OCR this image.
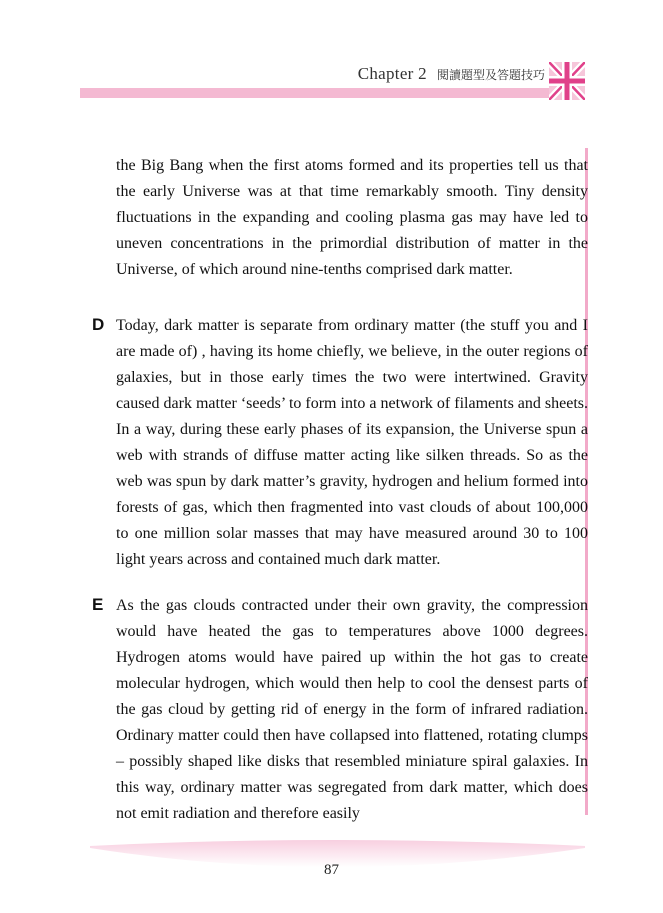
Chapter 2 閱讀題型及答題技巧

the Big Bang when the first atoms formed and its properties tell us that the early Universe was at that time remarkably smooth. Tiny density fluctuations in the expanding and cooling plasma gas may have led to uneven concentrations in the primordial distribution of matter in the Universe, of which around nine-tenths comprised dark matter.

D Today, dark matter is separate from ordinary matter (the stuff you and I are made of) , having its home chiefly, we believe, in the outer regions of galaxies, but in those early times the two were intertwined. Gravity caused dark matter ‘seeds’ to form into a network of filaments and sheets. In a way, during these early phases of its expansion, the Universe spun a web with strands of diffuse matter acting like silken threads. So as the web was spun by dark matter’s gravity, hydrogen and helium formed into forests of gas, which then fragmented into vast clouds of about 100,000 to one million solar masses that may have measured around 30 to 100 light years across and contained much dark matter.

E As the gas clouds contracted under their own gravity, the compression would have heated the gas to temperatures above 1000 degrees. Hydrogen atoms would have paired up within the hot gas to create molecular hydrogen, which would then help to cool the densest parts of the gas cloud by getting rid of energy in the form of infrared radiation. Ordinary matter could then have collapsed into flattened, rotating clumps – possibly shaped like disks that resembled miniature spiral galaxies. In this way, ordinary matter was segregated from dark matter, which does not emit radiation and therefore easily

87
